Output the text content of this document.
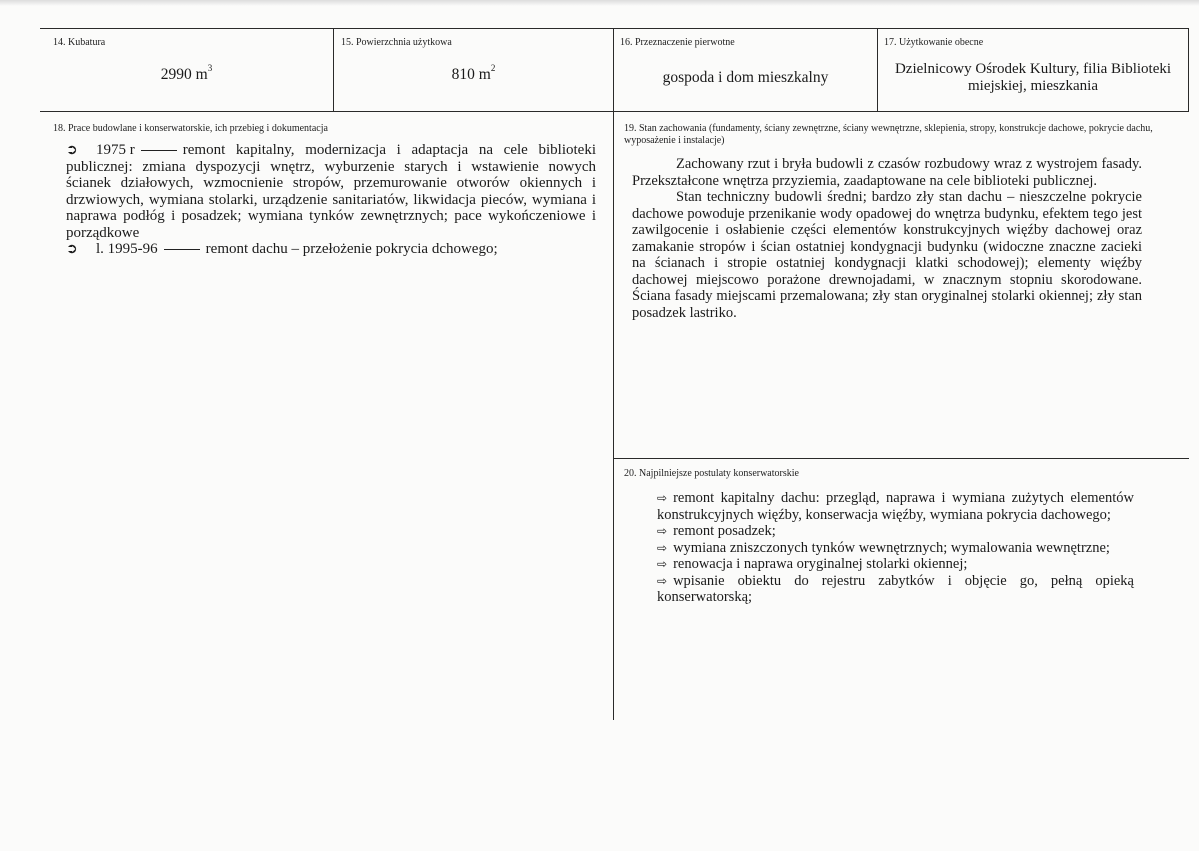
14. Kubatura
2990 $m^3$
15. Powierzchnia użytkowa
810 $m^2$
16. Przeznaczenie pierwotne
gospoda i dom mieszkalny
17. Użytkowanie obecne
Dzielnicowy Ośrodek Kultury, filia Biblioteki miejskiej, mieszkania
18. Prace budowlane i konserwatorskie, ich przebieg i dokumentacja
➲ 1975 r	remont kapitalny, modernizacja i adaptacja na cele biblioteki publicznej: zmiana dyspozycji wnętrz, wyburzenie starych i wstawienie nowych ścianek działowych, wzmocnienie stropów, przemurowanie otworów okiennych i drzwiowych, wymiana stolarki, urządzenie sanitariatów, likwidacja pieców, wymiana i naprawa podłóg i posadzek; wymiana tynków zewnętrznych; pace wykończeniowe i porządkowe
➲ l. 1995-96	remont dachu – przełożenie pokrycia dchowego;
19. Stan zachowania (fundamenty, ściany zewnętrzne, ściany wewnętrzne, sklepienia, stropy, konstrukcje dachowe, pokrycie dachu, wyposażenie i instalacje)

Zachowany rzut i bryła budowli z czasów rozbudowy wraz z wystrojem fasady. Przekształcone wnętrza przyziemia, zaadaptowane na cele biblioteki publicznej.

Stan techniczny budowli średni; bardzo zły stan dachu – nieszczelne pokrycie dachowe powoduje przenikanie wody opadowej do wnętrza budynku, efektem tego jest zawilgocenie i osłabienie części elementów konstrukcyjnych więźby dachowej oraz zamakanie stropów i ścian ostatniej kondygnacji budynku (widoczne znaczne zacieki na ścianach i stropie ostatniej kondygnacji klatki schodowej); elementy więźby dachowej miejscowo porażone drewnojadami, w znacznym stopniu skorodowane. Ściana fasady miejscami przemalowana; zły stan oryginalnej stolarki okiennej; zły stan posadzek lastriko.

20. Najpilniejsze postulaty konserwatorskie

⇨ remont kapitalny dachu: przegląd, naprawa i wymiana zużytych elementów konstrukcyjnych więźby, konserwacja więźby, wymiana pokrycia dachowego;

⇨ remont posadzek;

⇨ wymiana zniszczonych tynków wewnętrznych; wymalowania wewnętrzne;

⇨ renowacja i naprawa oryginalnej stolarki okiennej;

⇨ wpisanie obiektu do rejestru zabytków i objęcie go, pełną opieką konserwatorską;
